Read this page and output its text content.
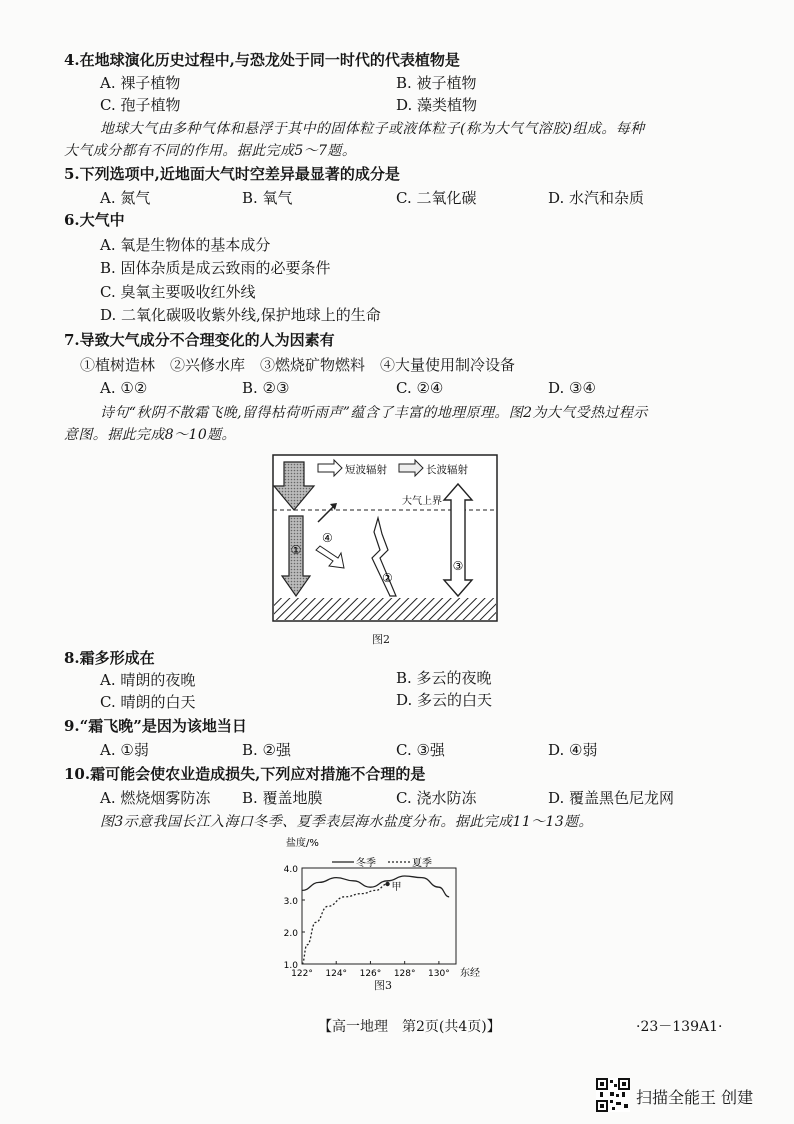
4.在地球演化历史过程中,与恐龙处于同一时代的代表植物是
A. 裸子植物	B. 被子植物
C. 孢子植物	D. 藻类植物
地球大气由多种气体和悬浮于其中的固体粒子或液体粒子(称为大气气溶胶)组成。每种
大气成分都有不同的作用。据此完成5～7题。
5.下列选项中,近地面大气时空差异最显著的成分是
A. 氮气	B. 氧气	C. 二氧化碳	D. 水汽和杂质
6.大气中
A. 氧是生物体的基本成分
B. 固体杂质是成云致雨的必要条件
C. 臭氧主要吸收红外线
D. 二氧化碳吸收紫外线,保护地球上的生命
7.导致大气成分不合理变化的人为因素有
①植树造林　②兴修水库　③燃烧矿物燃料　④大量使用制冷设备
A. ①②	B. ②③	C. ②④	D. ③④
诗句“秋阴不散霜飞晚,留得枯荷听雨声”蕴含了丰富的地理原理。图2为大气受热过程示
意图。据此完成8～10题。
①
短波辐射	长波辐射
大气上界
④
②
③
图2
8.霜多形成在
A. 晴朗的夜晚	B. 多云的夜晚
C. 晴朗的白天	D. 多云的白天
9.“霜飞晚”是因为该地当日
A. ①弱	B. ②强	C. ③强	D. ④弱
10.霜可能会使农业造成损失,下列应对措施不合理的是
A. 燃烧烟雾防冻 B. 覆盖地膜	C. 浇水防冻	D. 覆盖黑色尼龙网
图3示意我国长江入海口冬季、夏季表层海水盐度分布。据此完成11～13题。
盐度/%
冬季	夏季
1.0
2.0
3.0
4.0
122° 124° 126° 128° 130°
甲
东经
图3
【高一地理　第2页(共4页)】	·23－139A1·
扫描全能王 创建
